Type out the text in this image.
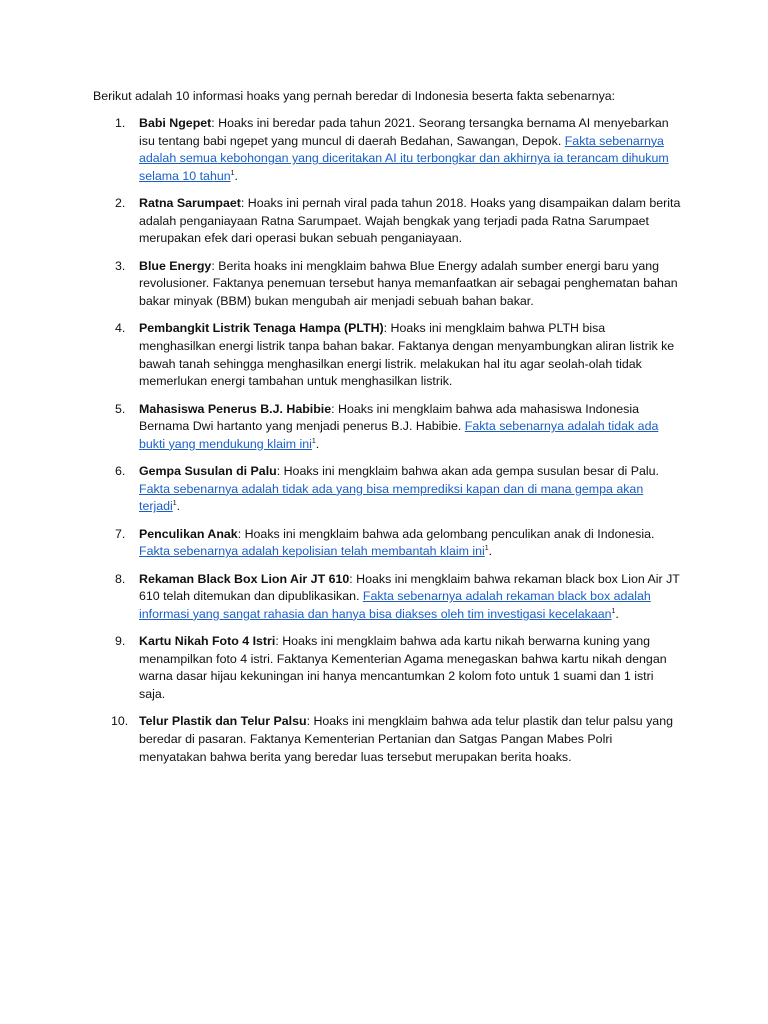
Berikut adalah 10 informasi hoaks yang pernah beredar di Indonesia beserta fakta sebenarnya:
1. Babi Ngepet: Hoaks ini beredar pada tahun 2021. Seorang tersangka bernama AI menyebarkan isu tentang babi ngepet yang muncul di daerah Bedahan, Sawangan, Depok. Fakta sebenarnya adalah semua kebohongan yang diceritakan AI itu terbongkar dan akhirnya ia terancam dihukum selama 10 tahun$^1$.
2. Ratna Sarumpaet: Hoaks ini pernah viral pada tahun 2018. Hoaks yang disampaikan dalam berita adalah penganiayaan Ratna Sarumpaet. Wajah bengkak yang terjadi pada Ratna Sarumpaet merupakan efek dari operasi bukan sebuah penganiayaan.
3. Blue Energy: Berita hoaks ini mengklaim bahwa Blue Energy adalah sumber energi baru yang revolusioner. Faktanya penemuan tersebut hanya memanfaatkan air sebagai penghematan bahan bakar minyak (BBM) bukan mengubah air menjadi sebuah bahan bakar.
4. Pembangkit Listrik Tenaga Hampa (PLTH): Hoaks ini mengklaim bahwa PLTH bisa menghasilkan energi listrik tanpa bahan bakar. Faktanya dengan menyambungkan aliran listrik ke bawah tanah sehingga menghasilkan energi listrik. melakukan hal itu agar seolah-olah tidak memerlukan energi tambahan untuk menghasilkan listrik.
5. Mahasiswa Penerus B.J. Habibie: Hoaks ini mengklaim bahwa ada mahasiswa Indonesia Bernama Dwi hartanto yang menjadi penerus B.J. Habibie. Fakta sebenarnya adalah tidak ada bukti yang mendukung klaim ini$^1$.
6. Gempa Susulan di Palu: Hoaks ini mengklaim bahwa akan ada gempa susulan besar di Palu. Fakta sebenarnya adalah tidak ada yang bisa memprediksi kapan dan di mana gempa akan terjadi$^1$.
7. Penculikan Anak: Hoaks ini mengklaim bahwa ada gelombang penculikan anak di Indonesia. Fakta sebenarnya adalah kepolisian telah membantah klaim ini$^1$.
8. Rekaman Black Box Lion Air JT 610: Hoaks ini mengklaim bahwa rekaman black box Lion Air JT 610 telah ditemukan dan dipublikasikan. Fakta sebenarnya adalah rekaman black box adalah informasi yang sangat rahasia dan hanya bisa diakses oleh tim investigasi kecelakaan$^1$.
9. Kartu Nikah Foto 4 Istri: Hoaks ini mengklaim bahwa ada kartu nikah berwarna kuning yang menampilkan foto 4 istri. Faktanya Kementerian Agama menegaskan bahwa kartu nikah dengan warna dasar hijau kekuningan ini hanya mencantumkan 2 kolom foto untuk 1 suami dan 1 istri saja.
10. Telur Plastik dan Telur Palsu: Hoaks ini mengklaim bahwa ada telur plastik dan telur palsu yang beredar di pasaran. Faktanya Kementerian Pertanian dan Satgas Pangan Mabes Polri menyatakan bahwa berita yang beredar luas tersebut merupakan berita hoaks.
